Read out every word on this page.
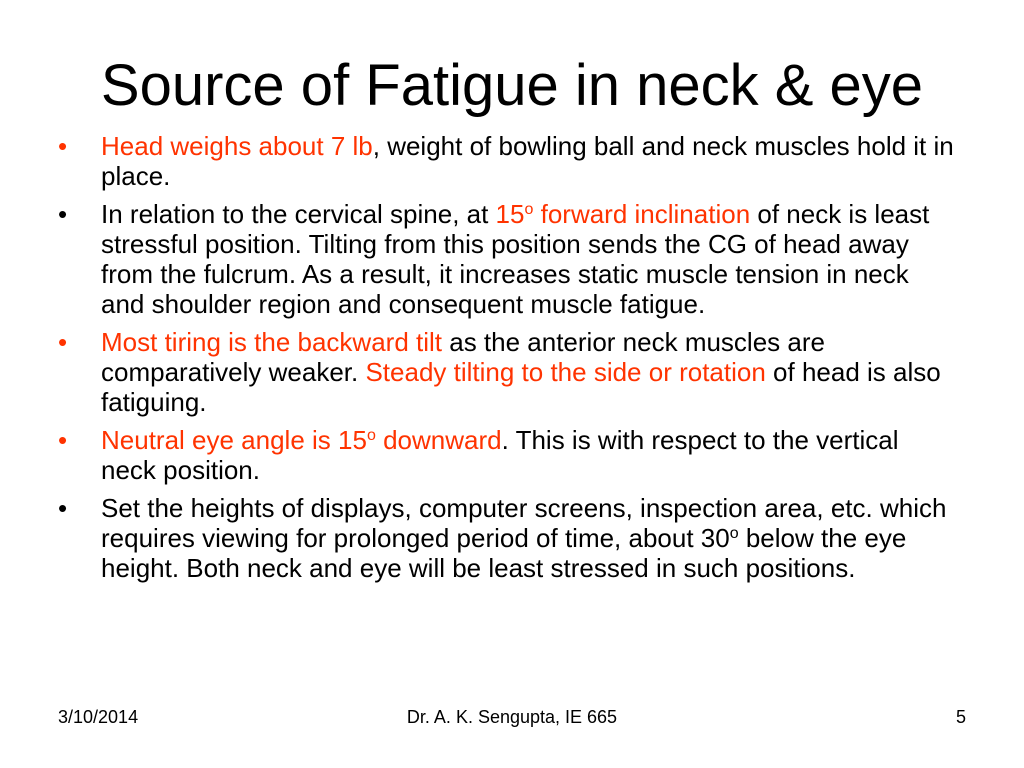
Source of Fatigue in neck & eye
•	Head weighs about 7 lb, weight of bowling ball and neck muscles hold it in place.
•	In relation to the cervical spine, at 15$^o$ forward inclination of neck is least stressful position. Tilting from this position sends the CG of head away from the fulcrum. As a result, it increases static muscle tension in neck and shoulder region and consequent muscle fatigue.
•	Most tiring is the backward tilt as the anterior neck muscles are comparatively weaker. Steady tilting to the side or rotation of head is also fatiguing.
•	Neutral eye angle is 15$^o$ downward. This is with respect to the vertical neck position.
•	Set the heights of displays, computer screens, inspection area, etc. which requires viewing for prolonged period of time, about 30$^o$ below the eye height. Both neck and eye will be least stressed in such positions.
3/10/2014	Dr. A. K. Sengupta, IE 665	5
